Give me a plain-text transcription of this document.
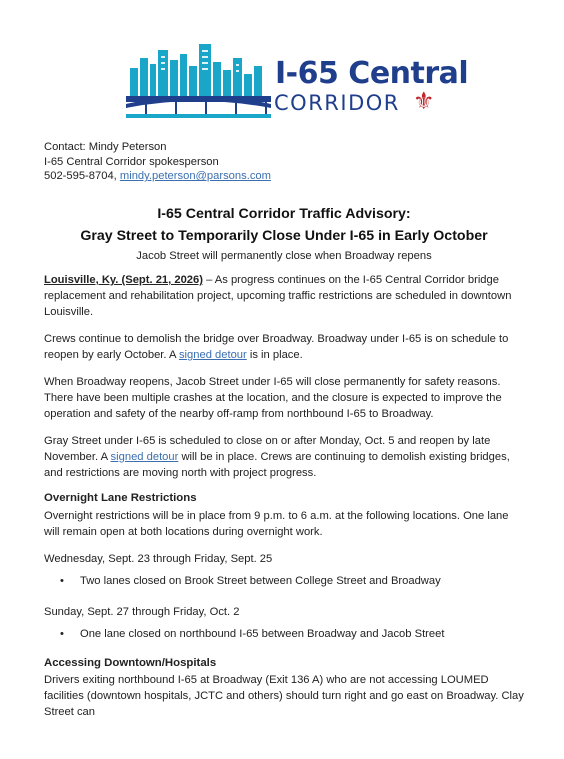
I-65 Central
CORRIDOR ⚜
Contact: Mindy Peterson
I-65 Central Corridor spokesperson
502-595-8704, mindy.peterson@parsons.com
I-65 Central Corridor Traffic Advisory:
Gray Street to Temporarily Close Under I-65 in Early October
Jacob Street will permanently close when Broadway repens
Louisville, Ky. (Sept. 21, 2026) – As progress continues on the I-65 Central Corridor bridge replacement and rehabilitation project, upcoming traffic restrictions are scheduled in downtown Louisville.
Crews continue to demolish the bridge over Broadway. Broadway under I-65 is on schedule to reopen by early October. A signed detour is in place.
When Broadway reopens, Jacob Street under I-65 will close permanently for safety reasons. There have been multiple crashes at the location, and the closure is expected to improve the operation and safety of the nearby off-ramp from northbound I-65 to Broadway.
Gray Street under I-65 is scheduled to close on or after Monday, Oct. 5 and reopen by late November. A signed detour will be in place. Crews are continuing to demolish existing bridges, and restrictions are moving north with project progress.
Overnight Lane Restrictions
Overnight restrictions will be in place from 9 p.m. to 6 a.m. at the following locations. One lane will remain open at both locations during overnight work.
Wednesday, Sept. 23 through Friday, Sept. 25
• Two lanes closed on Brook Street between College Street and Broadway
Sunday, Sept. 27 through Friday, Oct. 2
• One lane closed on northbound I-65 between Broadway and Jacob Street
Accessing Downtown/Hospitals
Drivers exiting northbound I-65 at Broadway (Exit 136 A) who are not accessing LOUMED facilities (downtown hospitals, JCTC and others) should turn right and go east on Broadway. Clay Street can
